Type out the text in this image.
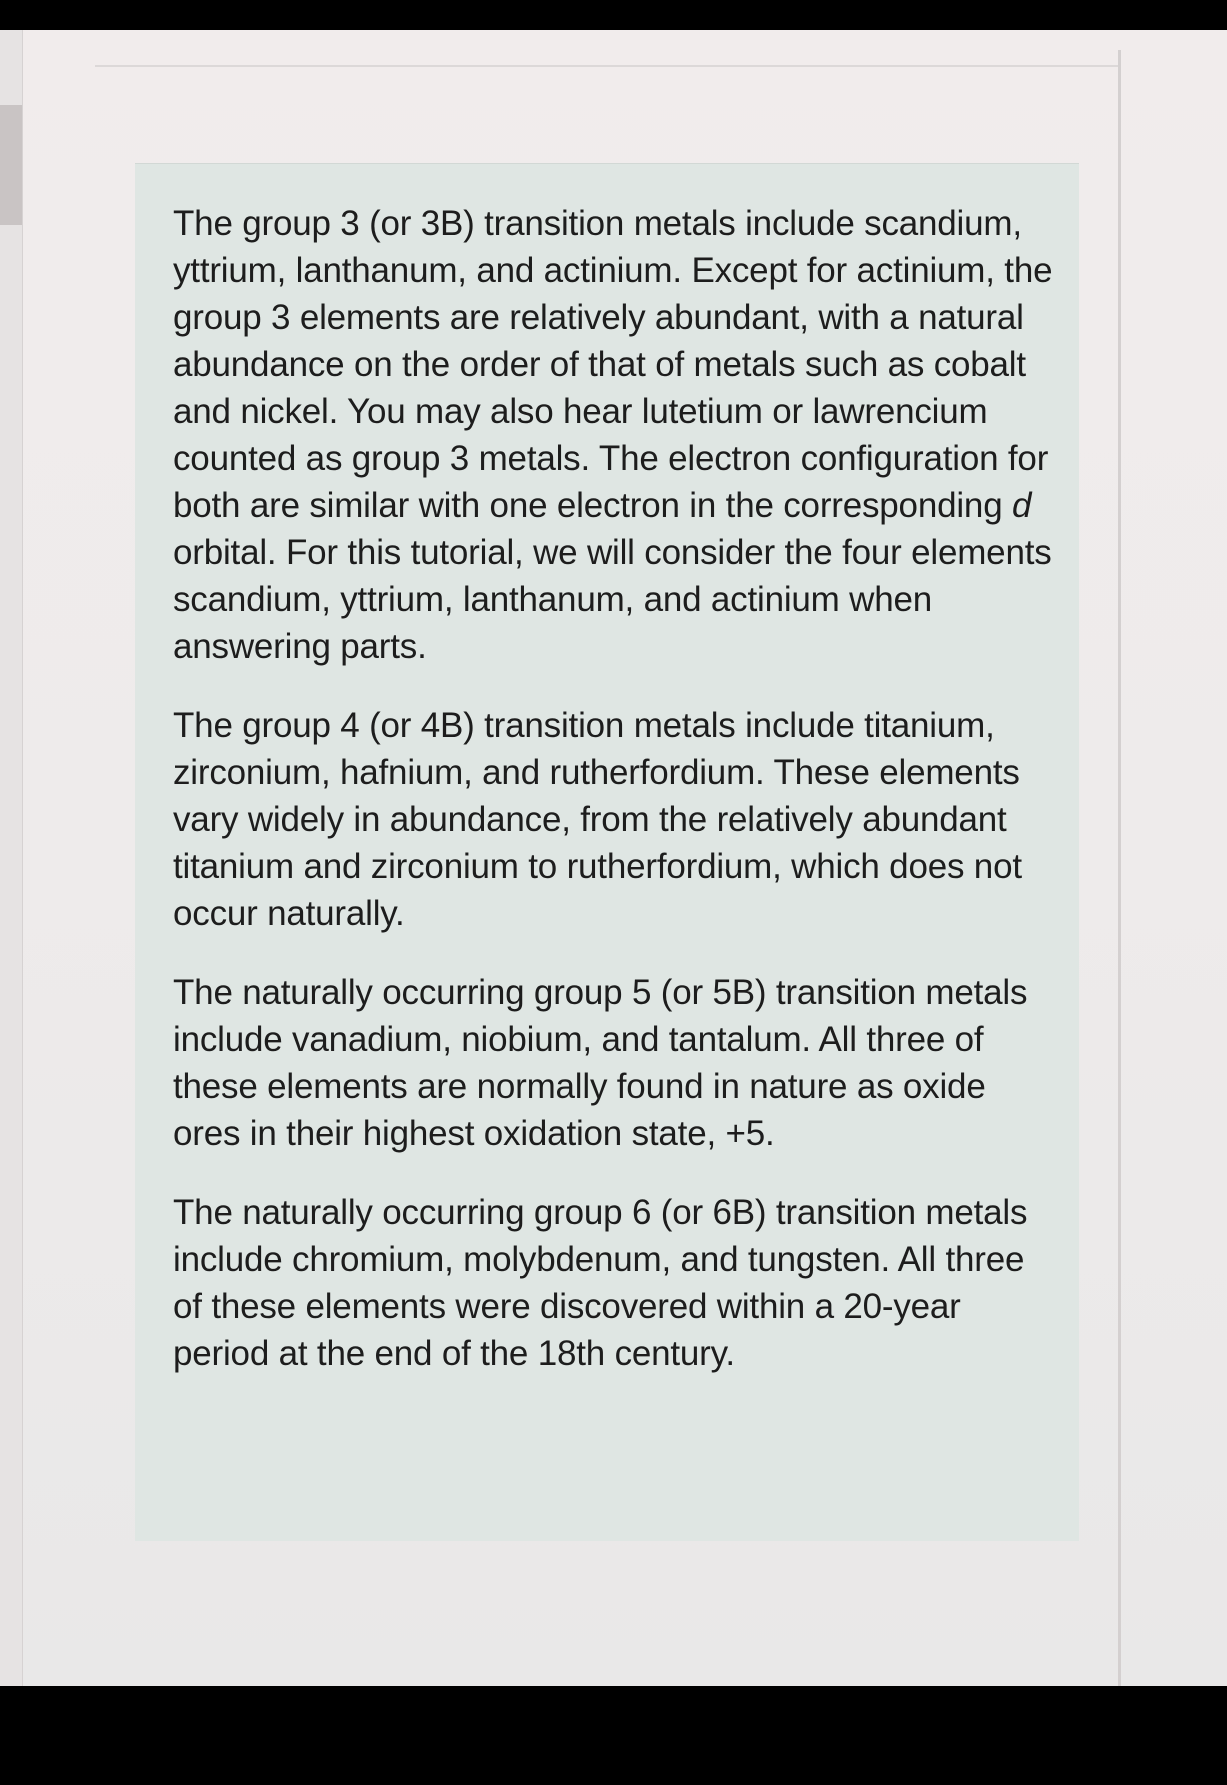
The group 3 (or 3B) transition metals include scandium, yttrium, lanthanum, and actinium. Except for actinium, the group 3 elements are relatively abundant, with a natural abundance on the order of that of metals such as cobalt and nickel. You may also hear lutetium or lawrencium counted as group 3 metals. The electron configuration for both are similar with one electron in the corresponding d orbital. For this tutorial, we will consider the four elements scandium, yttrium, lanthanum, and actinium when answering parts.

The group 4 (or 4B) transition metals include titanium, zirconium, hafnium, and rutherfordium. These elements vary widely in abundance, from the relatively abundant titanium and zirconium to rutherfordium, which does not occur naturally.

The naturally occurring group 5 (or 5B) transition metals include vanadium, niobium, and tantalum. All three of these elements are normally found in nature as oxide ores in their highest oxidation state, +5.

The naturally occurring group 6 (or 6B) transition metals include chromium, molybdenum, and tungsten. All three of these elements were discovered within a 20-year period at the end of the 18th century.
